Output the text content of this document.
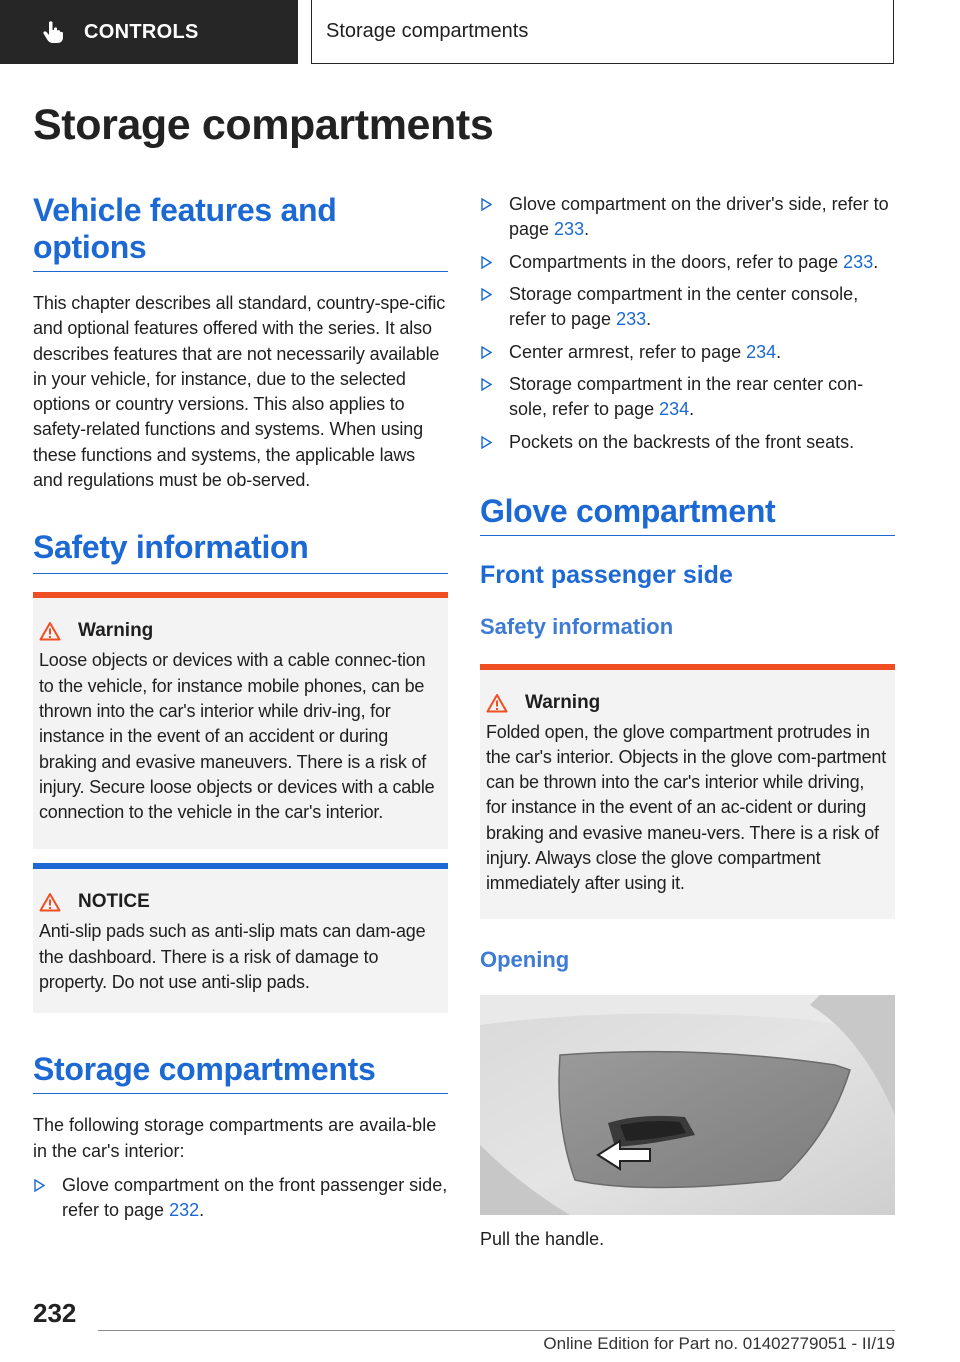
CONTROLS	Storage compartments
Storage compartments
Vehicle features and options

This chapter describes all standard, country-spe-cific and optional features offered with the series. It also describes features that are not necessarily available in your vehicle, for instance, due to the selected options or country versions. This also applies to safety-related functions and systems. When using these functions and systems, the applicable laws and regulations must be ob-served.

Safety information
Warning

Loose objects or devices with a cable connec-tion to the vehicle, for instance mobile phones, can be thrown into the car's interior while driv-ing, for instance in the event of an accident or during braking and evasive maneuvers. There is a risk of injury. Secure loose objects or devices with a cable connection to the vehicle in the car's interior.

NOTICE

Anti-slip pads such as anti-slip mats can dam-age the dashboard. There is a risk of damage to property. Do not use anti-slip pads.

Storage compartments

The following storage compartments are availa-ble in the car's interior:

Glove compartment on the front passenger side, refer to page 232.
Glove compartment on the driver's side, refer to page 233.
Compartments in the doors, refer to page 233.
Storage compartment in the center console, refer to page 233.
Center armrest, refer to page 234.
Storage compartment in the rear center con-sole, refer to page 234.
Pockets on the backrests of the front seats.
Glove compartment
Front passenger side
Safety information
Warning

Folded open, the glove compartment protrudes in the car's interior. Objects in the glove com-partment can be thrown into the car's interior while driving, for instance in the event of an ac-cident or during braking and evasive maneu-vers. There is a risk of injury. Always close the glove compartment immediately after using it.

Opening

Pull the handle.

232
Online Edition for Part no. 01402779051 - II/19
